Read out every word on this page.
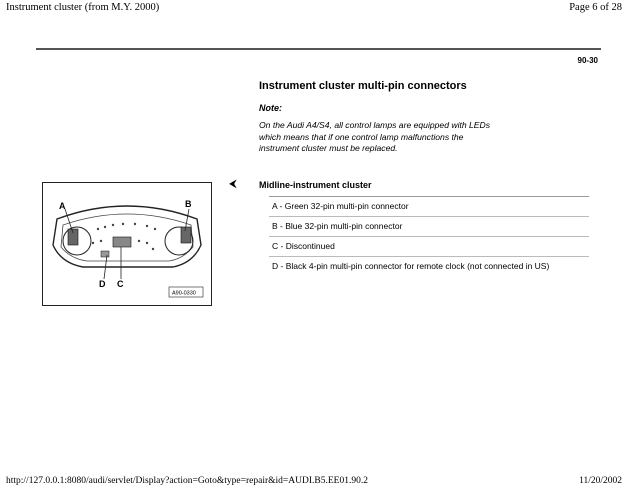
Instrument cluster (from M.Y. 2000)	Page 6 of 28
90-30
Instrument cluster multi-pin connectors
Note:
On the Audi A4/S4, all control lamps are equipped with LEDs which means that if one control lamp malfunctions the instrument cluster must be replaced.
⮜ Midline-instrument cluster
A - Green 32-pin multi-pin connector
B - Blue 32-pin multi-pin connector
C - Discontinued
D - Black 4-pin multi-pin connector for remote clock (not connected in US)
A	B
D C
A90-0330
http://127.0.0.1:8080/audi/servlet/Display?action=Goto&type=repair&id=AUDI.B5.EE01.90.2	11/20/2002
